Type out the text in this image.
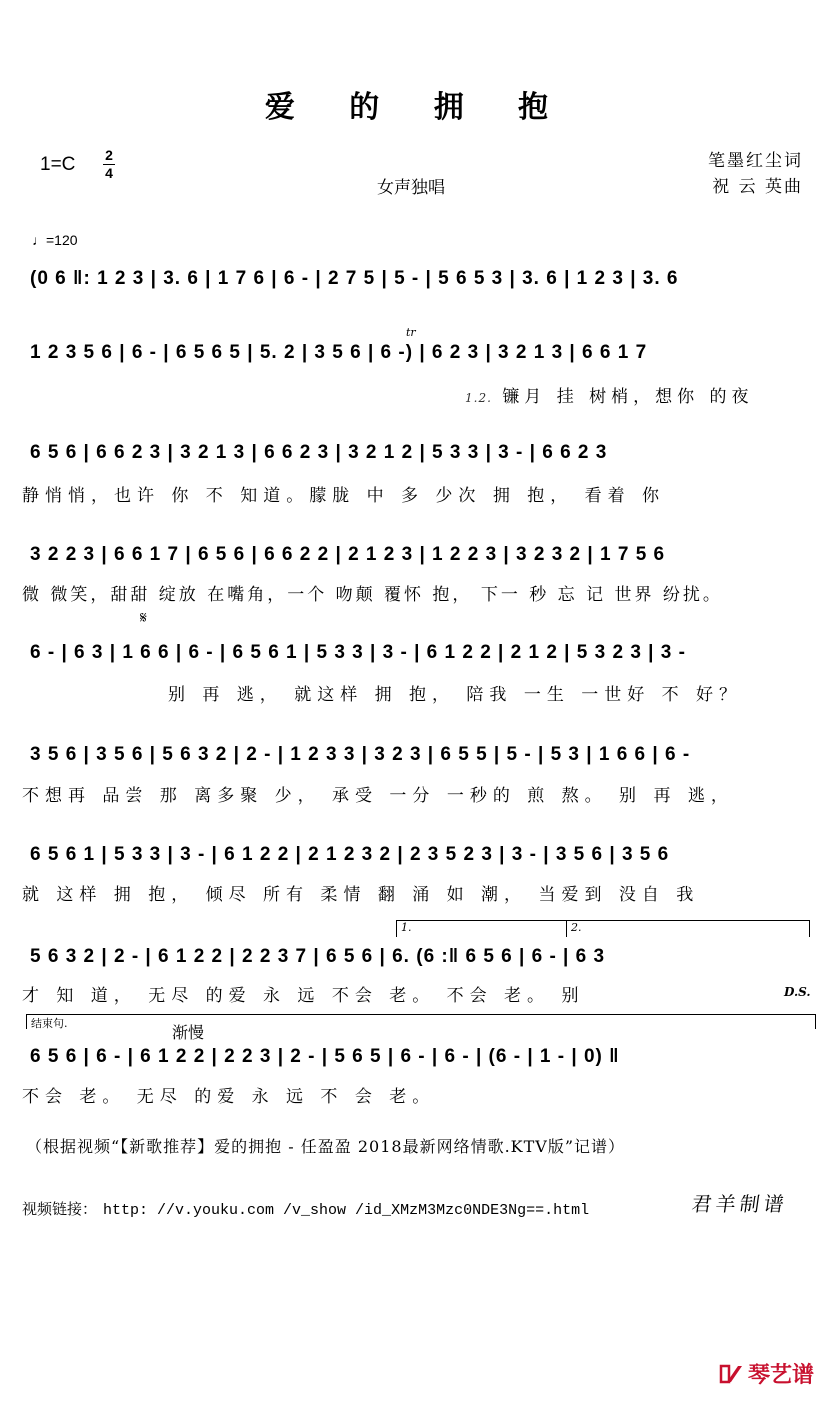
爱 的 拥 抱
1=C 2
4
女声独唱
笔墨红尘词
祝 云 英曲
♩=120
(0 6 ‖: 1 2 3 | 3. 6 | 1 7 6 | 6 - | 2 7 5 | 5 - | 5 6 5 3 | 3. 6 | 1 2 3 | 3. 6
tr
1 2 3 5 6 | 6 - | 6 5 6 5 | 5. 2 | 3 5 6 | 6 -) | 6 2 3 | 3 2 1 3 | 6 6 1 7
1.2. 镰月 挂 树梢，想你 的夜
6 5 6 | 6 6 2 3 | 3 2 1 3 | 6 6 2 3 | 3 2 1 2 | 5 3 3 | 3 - | 6 6 2 3
静悄悄，也许 你 不 知道。朦胧 中 多 少次 拥 抱， 看着 你
3 2 2 3 | 6 6 1 7 | 6 5 6 | 6 6 2 2 | 2 1 2 3 | 1 2 2 3 | 3 2 3 2 | 1 7 5 6
微 微笑，甜甜 绽放 在嘴角，一个 吻颠 覆怀 抱， 下一 秒 忘 记 世界 纷扰。
𝄋
6 - | 6 3 | 1 6 6 | 6 - | 6 5 6 1 | 5 3 3 | 3 - | 6 1 2 2 | 2 1 2 | 5 3 2 3 | 3 -
别 再 逃， 就这样 拥 抱， 陪我 一生 一世好 不 好？
3 5 6 | 3 5 6 | 5 6 3 2 | 2 - | 1 2 3 3 | 3 2 3 | 6 5 5 | 5 - | 5 3 | 1 6 6 | 6 -
不想再 品尝 那 离多聚 少， 承受 一分 一秒的 煎 熬。 别 再 逃，
6 5 6 1 | 5 3 3 | 3 - | 6 1 2 2 | 2 1 2 3 2 | 2 3 5 2 3 | 3 - | 3 5 6 | 3 5 6
就 这样 拥 抱， 倾尽 所有 柔情 翻 涌 如 潮， 当爱到 没自 我
1.	2.
5 6 3 2 | 2 - | 6 1 2 2 | 2 2 3 7 | 6 5 6 | 6. (6 :‖ 6 5 6 | 6 - | 6 3
才 知 道， 无尽 的爱 永 远 不会 老。 不会 老。 别	D.S.
结束句.	渐慢
6 5 6 | 6 - | 6 1 2 2 | 2 2 3 | 2 - | 5 6 5 | 6 - | 6 - | (6 - | 1 - | 0) ‖
不会 老。 无尽 的爱 永 远 不 会 老。
（根据视频“【新歌推荐】爱的拥抱 - 任盈盈 2018最新网络情歌.KTV版”记谱）
视频链接： http: //v.youku.com /v_show /id_XMzM3Mzc0NDE3Ng==.html	君羊制谱
琴艺谱
